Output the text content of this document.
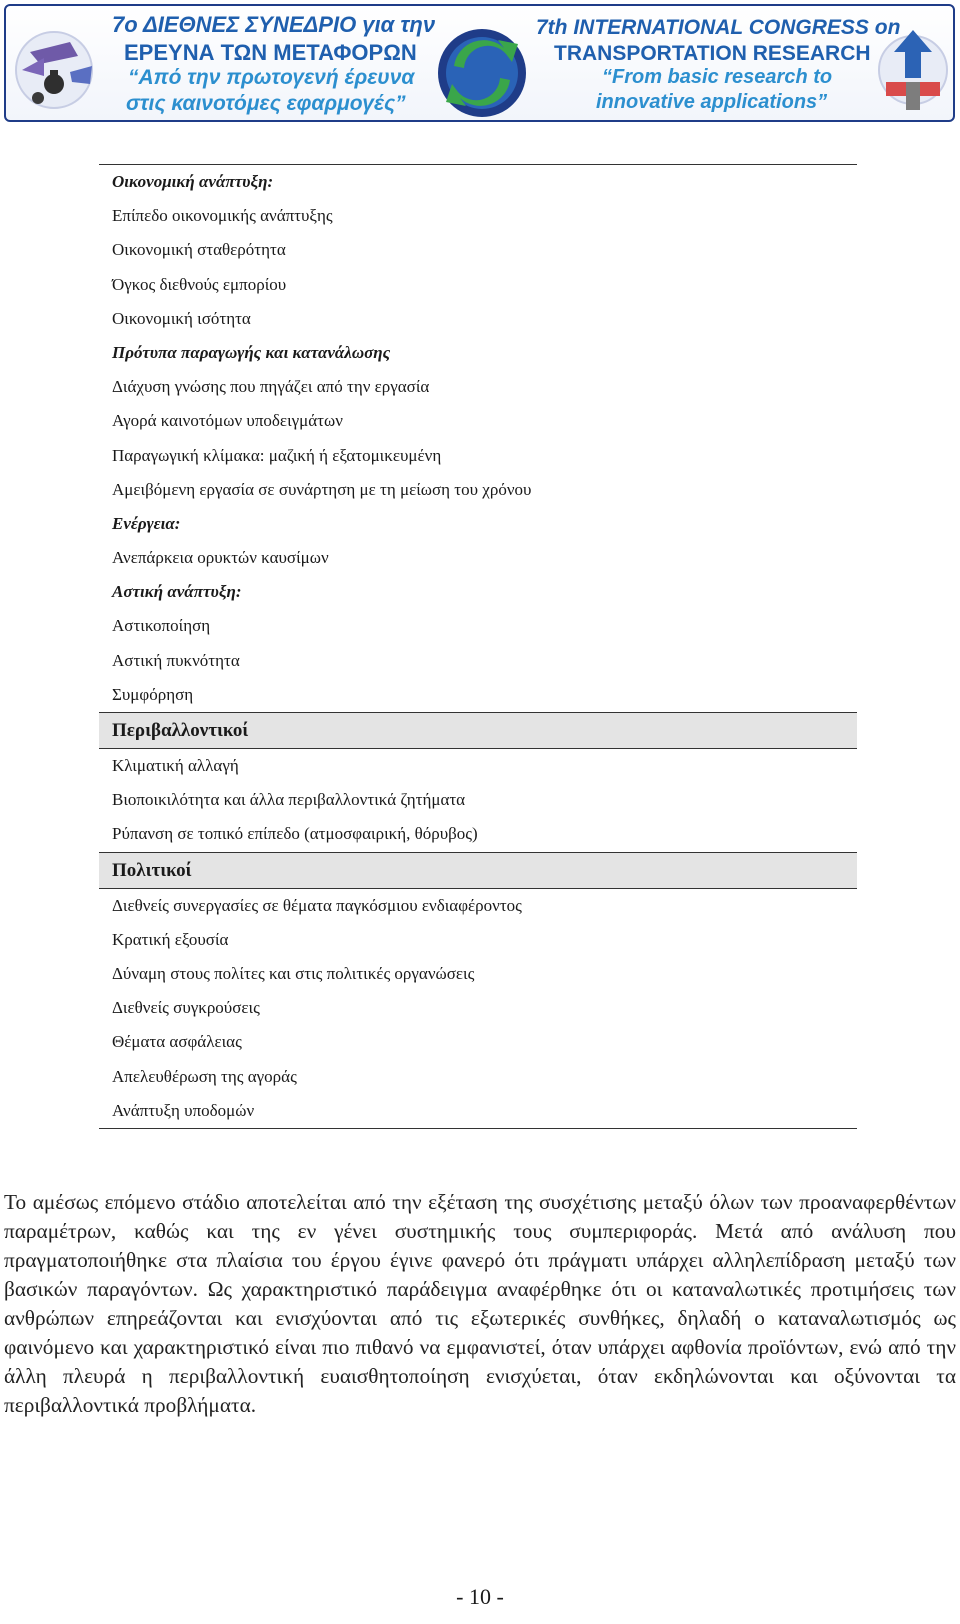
7ο ΔΙΕΘΝΕΣ ΣΥΝΕΔΡΙΟ για την
ΕΡΕΥΝΑ ΤΩΝ ΜΕΤΑΦΟΡΩΝ
“Από την πρωτογενή έρευνα
στις καινοτόμες εφαρμογές”
7th INTERNATIONAL CONGRESS on
TRANSPORTATION RESEARCH
“From basic research to
innovative applications”
Οικονομική ανάπτυξη:
Επίπεδο οικονομικής ανάπτυξης
Οικονομική σταθερότητα
Όγκος διεθνούς εμπορίου
Οικονομική ισότητα
Πρότυπα παραγωγής και κατανάλωσης
Διάχυση γνώσης που πηγάζει από την εργασία
Αγορά καινοτόμων υποδειγμάτων
Παραγωγική κλίμακα: μαζική ή εξατομικευμένη
Αμειβόμενη εργασία σε συνάρτηση με τη μείωση του χρόνου
Ενέργεια:
Ανεπάρκεια ορυκτών καυσίμων
Αστική ανάπτυξη:
Αστικοποίηση
Αστική πυκνότητα
Συμφόρηση
Περιβαλλοντικοί
Κλιματική αλλαγή
Βιοποικιλότητα και άλλα περιβαλλοντικά ζητήματα
Ρύπανση σε τοπικό επίπεδο (ατμοσφαιρική, θόρυβος)
Πολιτικοί
Διεθνείς συνεργασίες σε θέματα παγκόσμιου ενδιαφέροντος
Κρατική εξουσία
Δύναμη στους πολίτες και στις πολιτικές οργανώσεις
Διεθνείς συγκρούσεις
Θέματα ασφάλειας
Απελευθέρωση της αγοράς
Ανάπτυξη υποδομών

Το αμέσως επόμενο στάδιο αποτελείται από την εξέταση της συσχέτισης μεταξύ όλων των προαναφερθέντων παραμέτρων, καθώς και της εν γένει συστημικής τους συμπεριφοράς. Μετά από ανάλυση που πραγματοποιήθηκε στα πλαίσια του έργου έγινε φανερό ότι πράγματι υπάρχει αλληλεπίδραση μεταξύ των βασικών παραγόντων. Ως χαρακτηριστικό παράδειγμα αναφέρθηκε ότι οι καταναλωτικές προτιμήσεις των ανθρώπων επηρεάζονται και ενισχύονται από τις εξωτερικές συνθήκες, δηλαδή ο καταναλωτισμός ως φαινόμενο και χαρακτηριστικό είναι πιο πιθανό να εμφανιστεί, όταν υπάρχει αφθονία προϊόντων, ενώ από την άλλη πλευρά η περιβαλλοντική ευαισθητοποίηση ενισχύεται, όταν εκδηλώνονται και οξύνονται τα περιβαλλοντικά προβλήματα.

- 10 -
